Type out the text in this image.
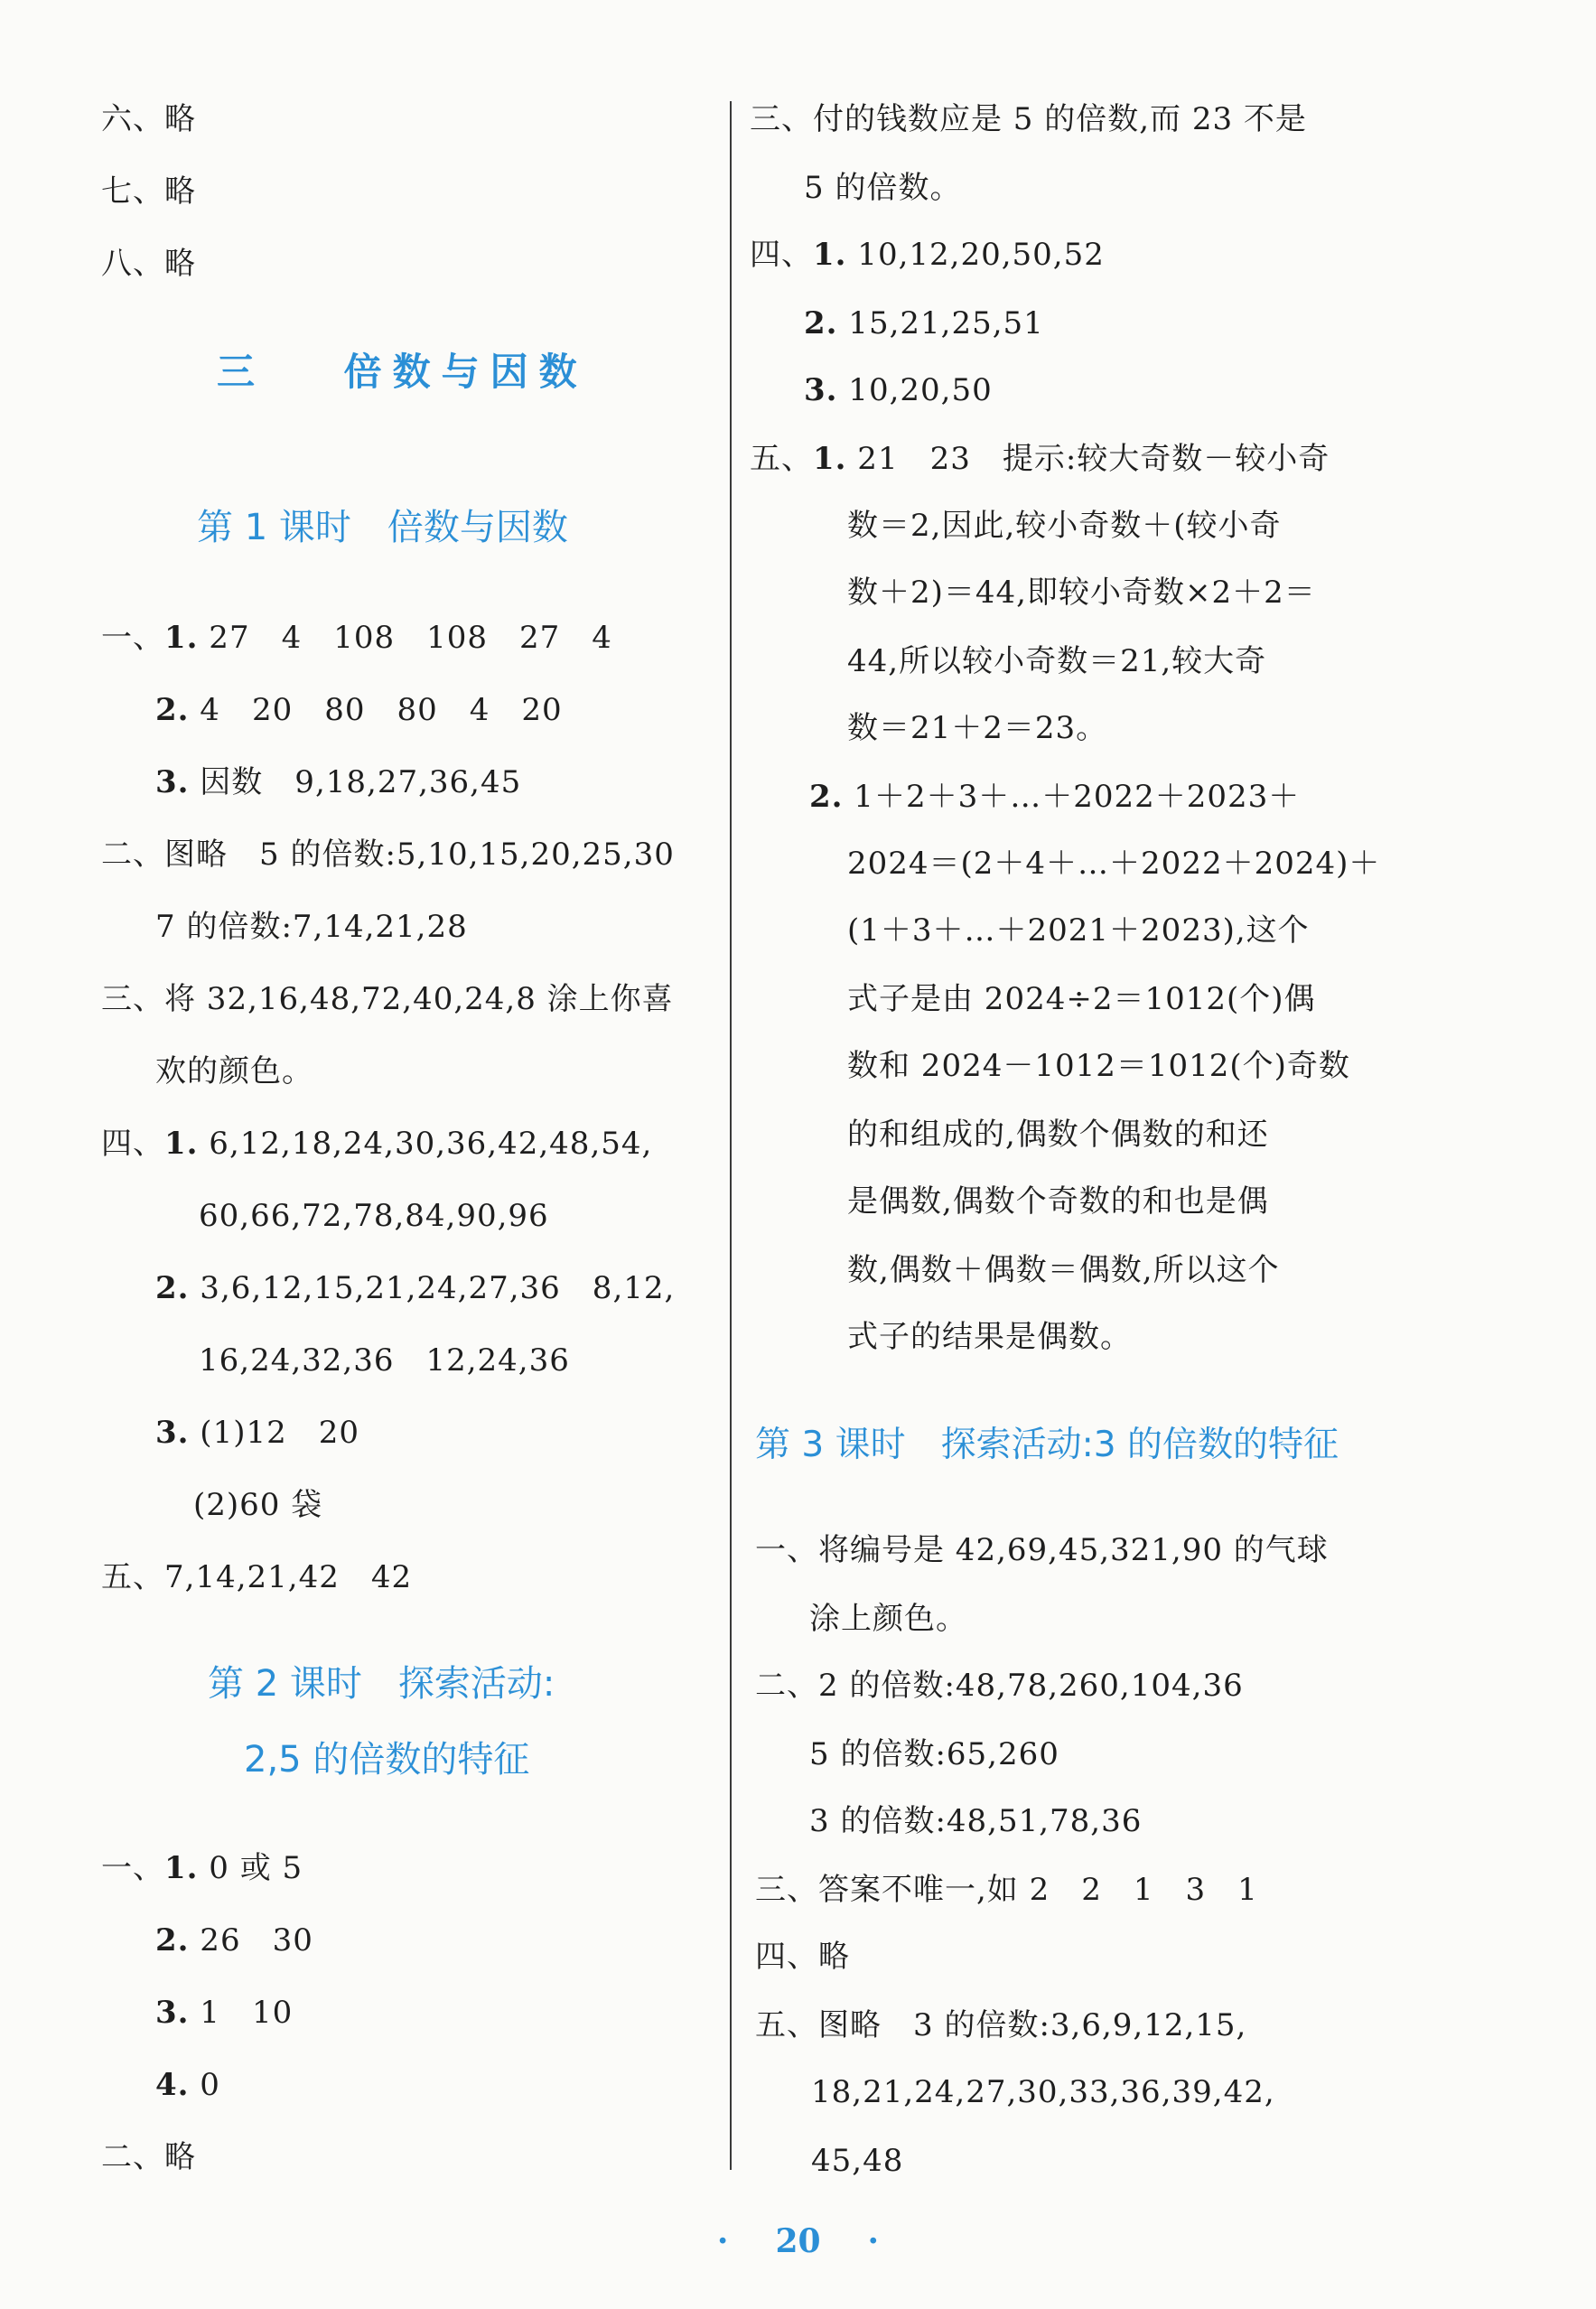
六、略
七、略
八、略
三 倍数与因数
第 1 课时　倍数与因数
一、1. 27　4　108　108　27　4
2. 4　20　80　80　4　20
3. 因数　9,18,27,36,45
二、图略　5 的倍数:5,10,15,20,25,30
7 的倍数:7,14,21,28
三、将 32,16,48,72,40,24,8 涂上你喜
欢的颜色。
四、1. 6,12,18,24,30,36,42,48,54,
60,66,72,78,84,90,96
2. 3,6,12,15,21,24,27,36　8,12,
16,24,32,36　12,24,36
3. (1)12　20
(2)60 袋
五、7,14,21,42　42
第 2 课时　探索活动:
2,5 的倍数的特征
一、1. 0 或 5
2. 26　30
3. 1　10
4. 0
二、略
三、付的钱数应是 5 的倍数,而 23 不是
5 的倍数。
四、1. 10,12,20,50,52
2. 15,21,25,51
3. 10,20,50
五、1. 21　23　提示:较大奇数－较小奇
数＝2,因此,较小奇数＋(较小奇
数＋2)＝44,即较小奇数×2＋2＝
44,所以较小奇数＝21,较大奇
数＝21＋2＝23。
2. 1＋2＋3＋…＋2022＋2023＋
2024＝(2＋4＋…＋2022＋2024)＋
(1＋3＋…＋2021＋2023),这个
式子是由 2024÷2＝1012(个)偶
数和 2024－1012＝1012(个)奇数
的和组成的,偶数个偶数的和还
是偶数,偶数个奇数的和也是偶
数,偶数＋偶数＝偶数,所以这个
式子的结果是偶数。
第 3 课时　探索活动:3 的倍数的特征
一、将编号是 42,69,45,321,90 的气球
涂上颜色。
二、2 的倍数:48,78,260,104,36
5 的倍数:65,260
3 的倍数:48,51,78,36
三、答案不唯一,如 2　2　1　3　1
四、略
五、图略　3 的倍数:3,6,9,12,15,
18,21,24,27,30,33,36,39,42,
45,48
· 20 ·
